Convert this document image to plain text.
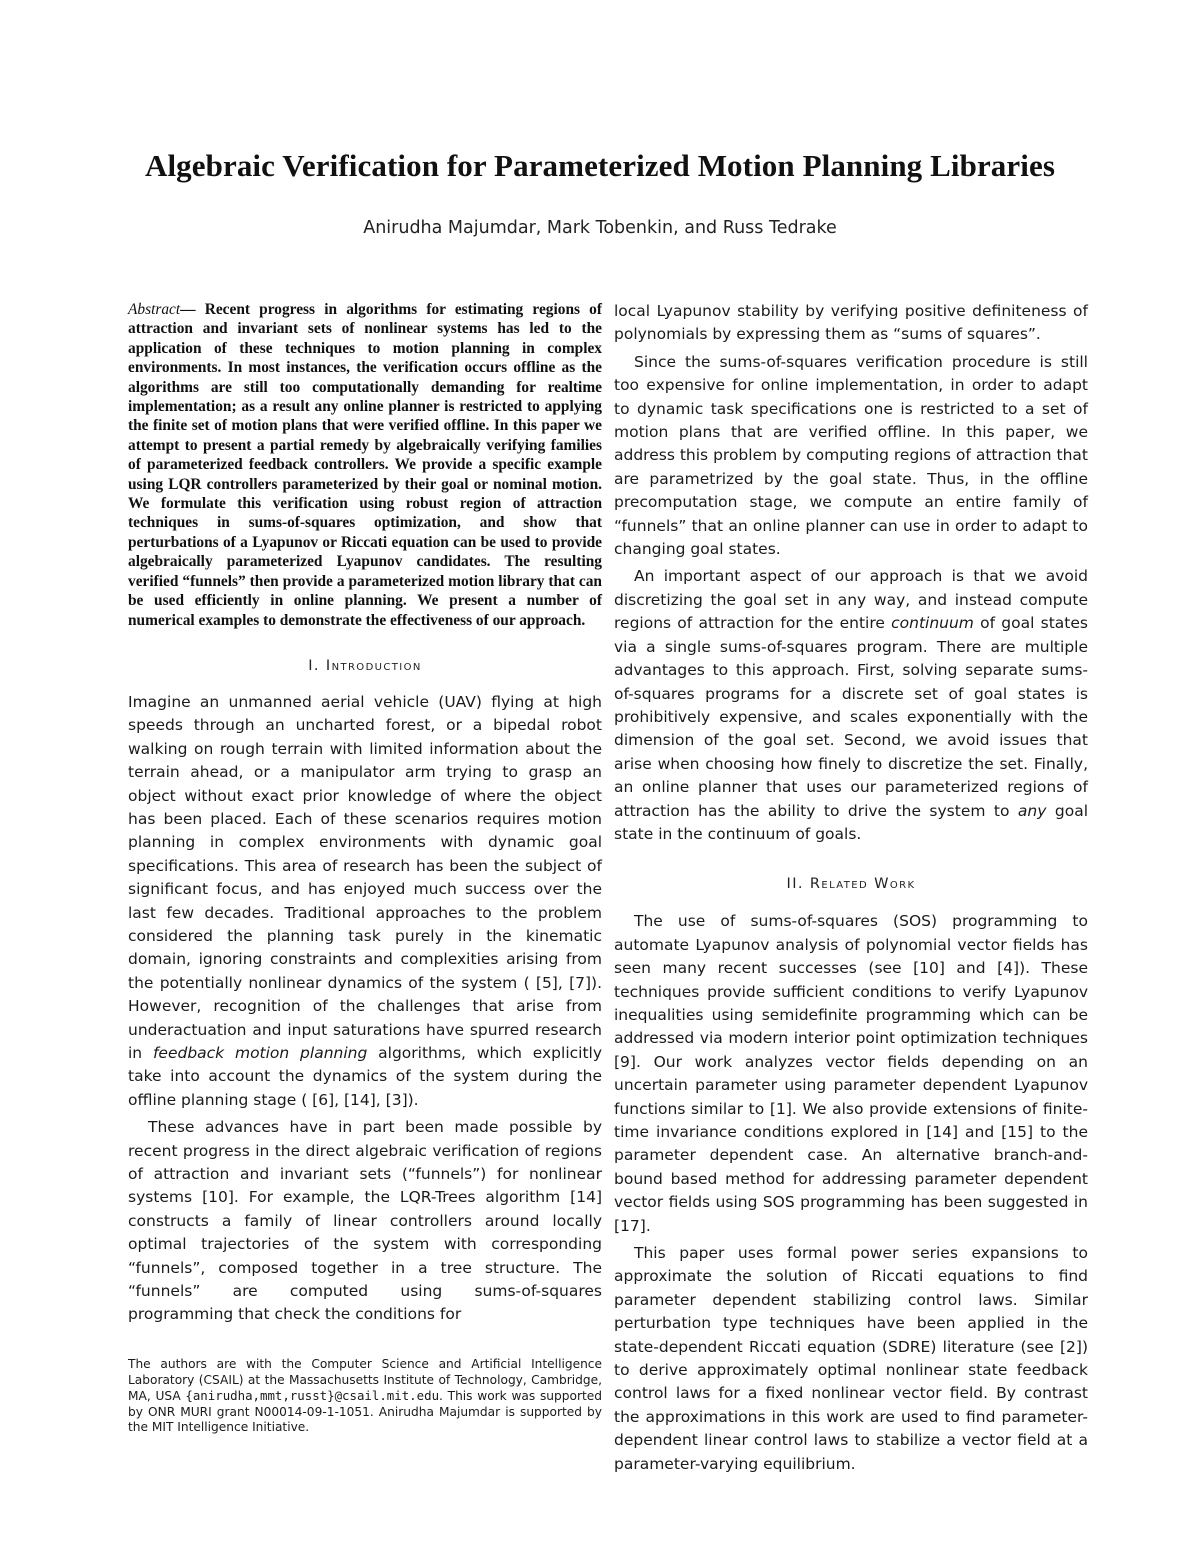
Algebraic Verification for Parameterized Motion Planning Libraries
Anirudha Majumdar, Mark Tobenkin, and Russ Tedrake

Abstract— Recent progress in algorithms for estimating regions of attraction and invariant sets of nonlinear systems has led to the application of these techniques to motion planning in complex environments. In most instances, the verification occurs offline as the algorithms are still too computationally demanding for realtime implementation; as a result any online planner is restricted to applying the finite set of motion plans that were verified offline. In this paper we attempt to present a partial remedy by algebraically verifying families of parameterized feedback controllers. We provide a specific example using LQR controllers parameterized by their goal or nominal motion. We formulate this verification using robust region of attraction techniques in sums-of-squares optimization, and show that perturbations of a Lyapunov or Riccati equation can be used to provide algebraically parameterized Lyapunov candidates. The resulting verified “funnels” then provide a parameterized motion library that can be used efficiently in online planning. We present a number of numerical examples to demonstrate the effectiveness of our approach.

I. Introduction

Imagine an unmanned aerial vehicle (UAV) flying at high speeds through an uncharted forest, or a bipedal robot walking on rough terrain with limited information about the terrain ahead, or a manipulator arm trying to grasp an object without exact prior knowledge of where the object has been placed. Each of these scenarios requires motion planning in complex environments with dynamic goal specifications. This area of research has been the subject of significant focus, and has enjoyed much success over the last few decades. Traditional approaches to the problem considered the planning task purely in the kinematic domain, ignoring constraints and complexities arising from the potentially nonlinear dynamics of the system ( [5], [7]). However, recognition of the challenges that arise from underactuation and input saturations have spurred research in feedback motion planning algorithms, which explicitly take into account the dynamics of the system during the offline planning stage ( [6], [14], [3]).

These advances have in part been made possible by recent progress in the direct algebraic verification of regions of attraction and invariant sets (“funnels”) for nonlinear systems [10]. For example, the LQR-Trees algorithm [14] constructs a family of linear controllers around locally optimal trajectories of the system with corresponding “funnels”, composed together in a tree structure. The “funnels” are computed using sums-of-squares programming that check the conditions for

The authors are with the Computer Science and Artificial Intelligence Laboratory (CSAIL) at the Massachusetts Institute of Technology, Cambridge, MA, USA {anirudha,mmt,russt}@csail.mit.edu. This work was supported by ONR MURI grant N00014-09-1-1051. Anirudha Majumdar is supported by the MIT Intelligence Initiative.

local Lyapunov stability by verifying positive definiteness of polynomials by expressing them as “sums of squares”.

Since the sums-of-squares verification procedure is still too expensive for online implementation, in order to adapt to dynamic task specifications one is restricted to a set of motion plans that are verified offline. In this paper, we address this problem by computing regions of attraction that are parametrized by the goal state. Thus, in the offline precomputation stage, we compute an entire family of “funnels” that an online planner can use in order to adapt to changing goal states.

An important aspect of our approach is that we avoid discretizing the goal set in any way, and instead compute regions of attraction for the entire continuum of goal states via a single sums-of-squares program. There are multiple advantages to this approach. First, solving separate sums-of-squares programs for a discrete set of goal states is prohibitively expensive, and scales exponentially with the dimension of the goal set. Second, we avoid issues that arise when choosing how finely to discretize the set. Finally, an online planner that uses our parameterized regions of attraction has the ability to drive the system to any goal state in the continuum of goals.

II. Related Work

The use of sums-of-squares (SOS) programming to automate Lyapunov analysis of polynomial vector fields has seen many recent successes (see [10] and [4]). These techniques provide sufficient conditions to verify Lyapunov inequalities using semidefinite programming which can be addressed via modern interior point optimization techniques [9]. Our work analyzes vector fields depending on an uncertain parameter using parameter dependent Lyapunov functions similar to [1]. We also provide extensions of finite-time invariance conditions explored in [14] and [15] to the parameter dependent case. An alternative branch-and-bound based method for addressing parameter dependent vector fields using SOS programming has been suggested in [17].

This paper uses formal power series expansions to approximate the solution of Riccati equations to find parameter dependent stabilizing control laws. Similar perturbation type techniques have been applied in the state-dependent Riccati equation (SDRE) literature (see [2]) to derive approximately optimal nonlinear state feedback control laws for a fixed nonlinear vector field. By contrast the approximations in this work are used to find parameter-dependent linear control laws to stabilize a vector field at a parameter-varying equilibrium.
